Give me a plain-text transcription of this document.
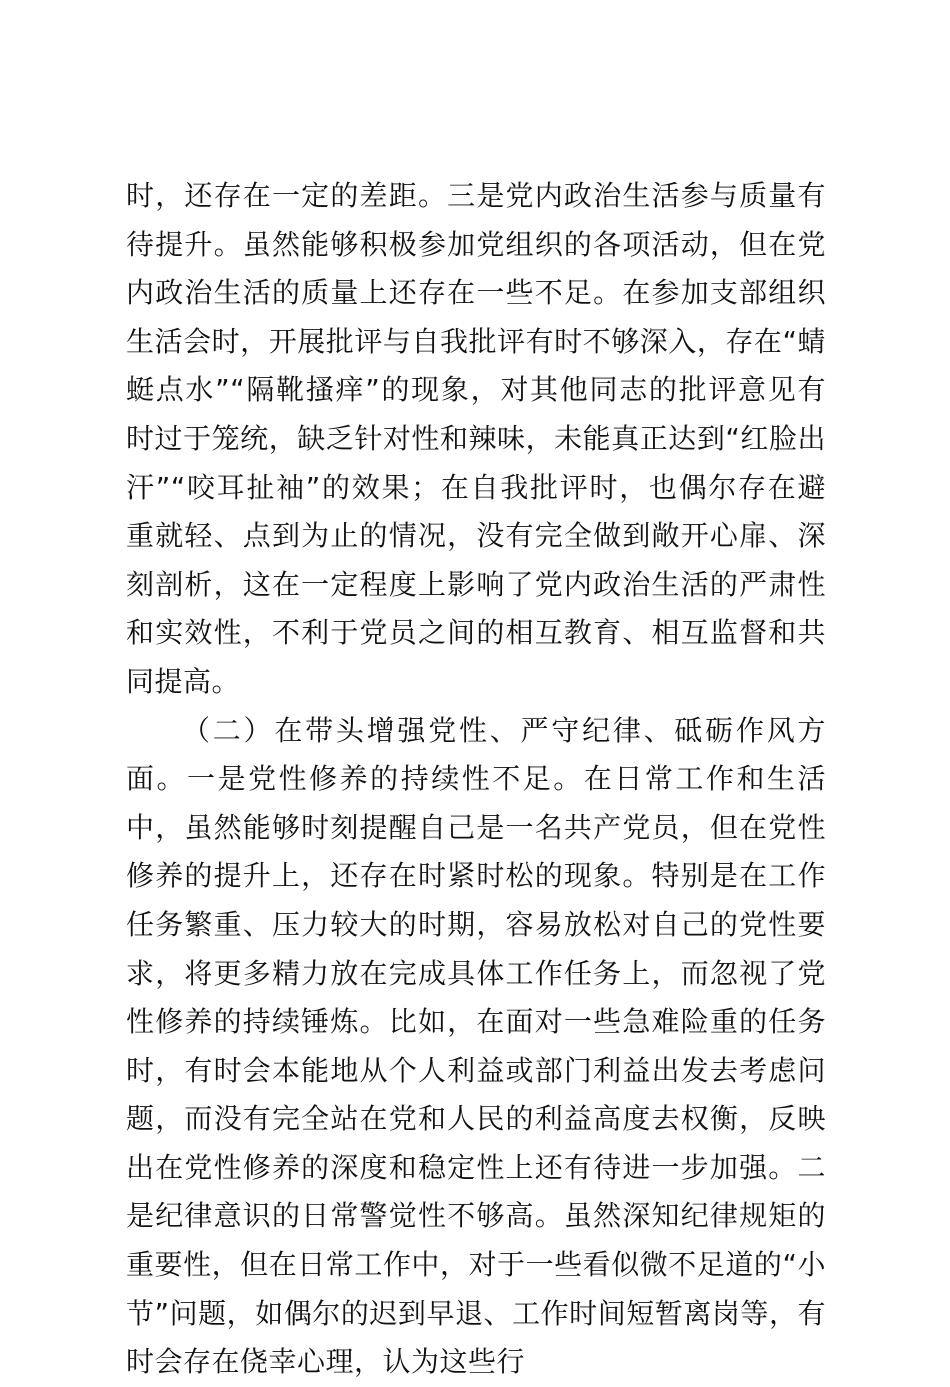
时，还存在一定的差距。三是党内政治生活参与质量有待提升。虽然能够积极参加党组织的各项活动，但在党内政治生活的质量上还存在一些不足。在参加支部组织生活会时，开展批评与自我批评有时不够深入，存在“蜻蜓点水”“隔靴搔痒”的现象，对其他同志的批评意见有时过于笼统，缺乏针对性和辣味，未能真正达到“红脸出汗”“咬耳扯袖”的效果；在自我批评时，也偶尔存在避重就轻、点到为止的情况，没有完全做到敞开心扉、深刻剖析，这在一定程度上影响了党内政治生活的严肃性和实效性，不利于党员之间的相互教育、相互监督和共同提高。

（二）在带头增强党性、严守纪律、砥砺作风方面。一是党性修养的持续性不足。在日常工作和生活中，虽然能够时刻提醒自己是一名共产党员，但在党性修养的提升上，还存在时紧时松的现象。特别是在工作任务繁重、压力较大的时期，容易放松对自己的党性要求，将更多精力放在完成具体工作任务上，而忽视了党性修养的持续锤炼。比如，在面对一些急难险重的任务时，有时会本能地从个人利益或部门利益出发去考虑问题，而没有完全站在党和人民的利益高度去权衡，反映出在党性修养的深度和稳定性上还有待进一步加强。二是纪律意识的日常警觉性不够高。虽然深知纪律规矩的重要性，但在日常工作中，对于一些看似微不足道的“小节”问题，如偶尔的迟到早退、工作时间短暂离岗等，有时会存在侥幸心理，认为这些行
